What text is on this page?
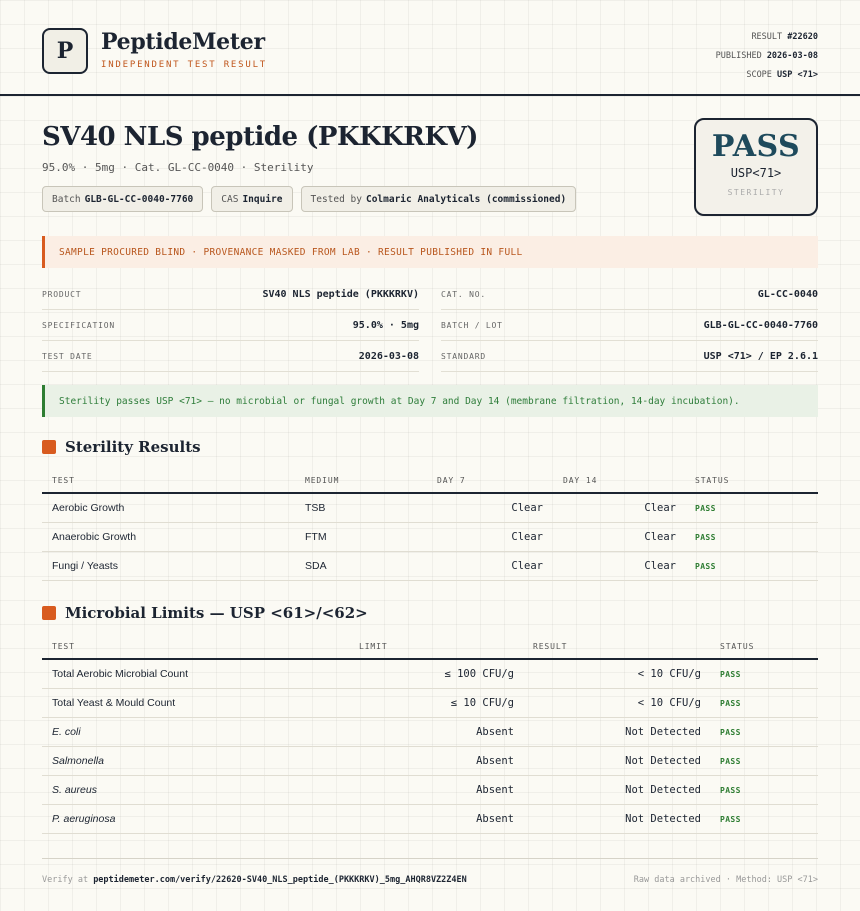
P	PeptideMeter
INDEPENDENT TEST RESULT
RESULT #22620
PUBLISHED 2026-03-08
SCOPE USP <71>
SV40 NLS peptide (PKKKRKV)
95.0% · 5mg · Cat. GL-CC-0040 · Sterility
Batch GLB-GL-CC-0040-7760	CAS Inquire	Tested by Colmaric Analyticals (commissioned)
PASS
USP<71>
STERILITY
SAMPLE PROCURED BLIND · PROVENANCE MASKED FROM LAB · RESULT PUBLISHED IN FULL
PRODUCT	SV40 NLS peptide (PKKKRKV)
SPECIFICATION	95.0% · 5mg
TEST DATE	2026-03-08
CAT. NO.	GL-CC-0040
BATCH / LOT	GLB-GL-CC-0040-7760
STANDARD	USP <71> / EP 2.6.1
Sterility passes USP <71> — no microbial or fungal growth at Day 7 and Day 14 (membrane filtration, 14-day incubation).
Sterility Results
TEST	MEDIUM	DAY 7	DAY 14	STATUS
Aerobic Growth	TSB	Clear	Clear PASS
Anaerobic Growth	FTM	Clear	Clear PASS
Fungi / Yeasts	SDA	Clear	Clear PASS
Microbial Limits — USP <61>/<62>
TEST	LIMIT	RESULT	STATUS
Total Aerobic Microbial Count	≤ 100 CFU/g	< 10 CFU/g PASS
Total Yeast & Mould Count	≤ 10 CFU/g	< 10 CFU/g PASS
E. coli	Absent	Not Detected PASS
Salmonella	Absent	Not Detected PASS
S. aureus	Absent	Not Detected PASS
P. aeruginosa	Absent	Not Detected PASS
Verify at peptidemeter.com/verify/22620-SV40_NLS_peptide_(PKKKRKV)_5mg_AHQR8VZ2Z4EN	Raw data archived · Method: USP <71>
